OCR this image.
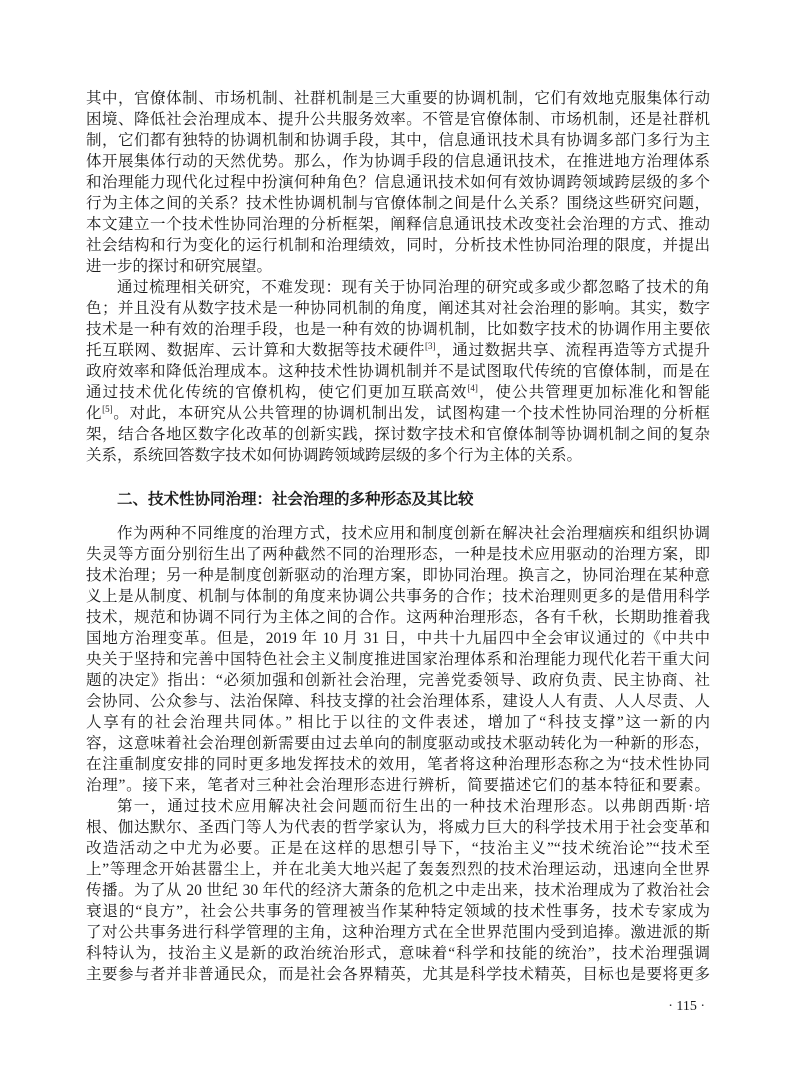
其中，官僚体制、市场机制、社群机制是三大重要的协调机制，它们有效地克服集体行动
困境、降低社会治理成本、提升公共服务效率。不管是官僚体制、市场机制，还是社群机
制，它们都有独特的协调机制和协调手段，其中，信息通讯技术具有协调多部门多行为主
体开展集体行动的天然优势。那么，作为协调手段的信息通讯技术，在推进地方治理体系
和治理能力现代化过程中扮演何种角色？信息通讯技术如何有效协调跨领域跨层级的多个
行为主体之间的关系？技术性协调机制与官僚体制之间是什么关系？围绕这些研究问题，
本文建立一个技术性协同治理的分析框架，阐释信息通讯技术改变社会治理的方式、推动
社会结构和行为变化的运行机制和治理绩效，同时，分析技术性协同治理的限度，并提出
进一步的探讨和研究展望。
通过梳理相关研究，不难发现：现有关于协同治理的研究或多或少都忽略了技术的角
色；并且没有从数字技术是一种协同机制的角度，阐述其对社会治理的影响。其实，数字
技术是一种有效的治理手段，也是一种有效的协调机制，比如数字技术的协调作用主要依
托互联网、数据库、云计算和大数据等技术硬件[3]，通过数据共享、流程再造等方式提升
政府效率和降低治理成本。这种技术性协调机制并不是试图取代传统的官僚体制，而是在
通过技术优化传统的官僚机构，使它们更加互联高效[4]，使公共管理更加标准化和智能
化[5]。对此，本研究从公共管理的协调机制出发，试图构建一个技术性协同治理的分析框
架，结合各地区数字化改革的创新实践，探讨数字技术和官僚体制等协调机制之间的复杂
关系，系统回答数字技术如何协调跨领域跨层级的多个行为主体的关系。
二、技术性协同治理：社会治理的多种形态及其比较
作为两种不同维度的治理方式，技术应用和制度创新在解决社会治理痼疾和组织协调
失灵等方面分别衍生出了两种截然不同的治理形态，一种是技术应用驱动的治理方案，即
技术治理；另一种是制度创新驱动的治理方案，即协同治理。换言之，协同治理在某种意
义上是从制度、机制与体制的角度来协调公共事务的合作；技术治理则更多的是借用科学
技术，规范和协调不同行为主体之间的合作。这两种治理形态，各有千秋，长期助推着我
国地方治理变革。但是，2019 年 10 月 31 日，中共十九届四中全会审议通过的《中共中
央关于坚持和完善中国特色社会主义制度推进国家治理体系和治理能力现代化若干重大问
题的决定》指出：“必须加强和创新社会治理，完善党委领导、政府负责、民主协商、社
会协同、公众参与、法治保障、科技支撑的社会治理体系，建设人人有责、人人尽责、人
人享有的社会治理共同体。” 相比于以往的文件表述，增加了“科技支撑”这一新的内
容，这意味着社会治理创新需要由过去单向的制度驱动或技术驱动转化为一种新的形态，
在注重制度安排的同时更多地发挥技术的效用，笔者将这种治理形态称之为“技术性协同
治理”。接下来，笔者对三种社会治理形态进行辨析，简要描述它们的基本特征和要素。
第一，通过技术应用解决社会问题而衍生出的一种技术治理形态。以弗朗西斯·培
根、伽达默尔、圣西门等人为代表的哲学家认为，将威力巨大的科学技术用于社会变革和
改造活动之中尤为必要。正是在这样的思想引导下，“技治主义”“技术统治论”“技术至
上”等理念开始甚嚣尘上，并在北美大地兴起了轰轰烈烈的技术治理运动，迅速向全世界
传播。为了从 20 世纪 30 年代的经济大萧条的危机之中走出来，技术治理成为了救治社会
衰退的“良方”，社会公共事务的管理被当作某种特定领域的技术性事务，技术专家成为
了对公共事务进行科学管理的主角，这种治理方式在全世界范围内受到追捧。激进派的斯
科特认为，技治主义是新的政治统治形式，意味着“科学和技能的统治”，技术治理强调
主要参与者并非普通民众，而是社会各界精英，尤其是科学技术精英，目标也是要将更多
· 115 ·
